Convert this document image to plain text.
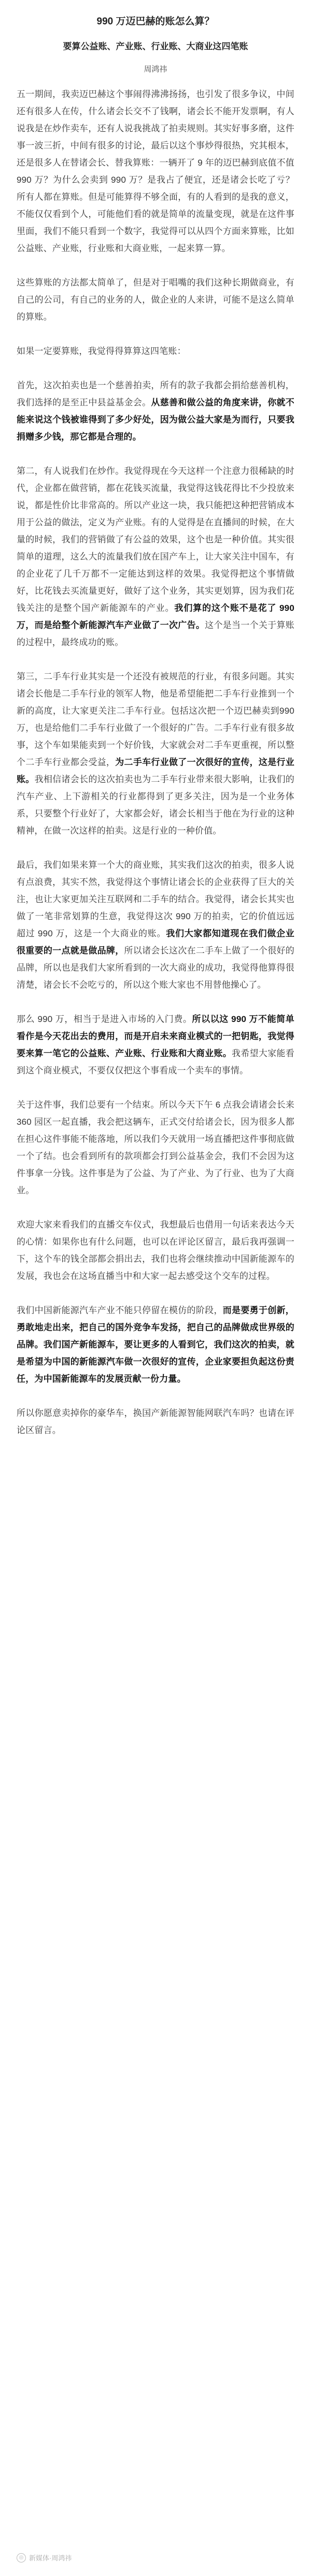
990 万迈巴赫的账怎么算？
要算公益账、产业账、行业账、大商业这四笔账
周鸿祎

五一期间，我卖迈巴赫这个事闹得沸沸扬扬，也引发了很多争议，中间还有很多人在传，什么诸会长交不了钱啊，诸会长不能开发票啊，有人说我是在炒作卖车，还有人说我挑战了拍卖规则。其实好事多磨，这件事一波三折，中间有很多的讨论，最后以这个事炒得很热，究其根本，还是很多人在替诸会长、替我算账：一辆开了 9 年的迈巴赫到底值不值 990 万？为什么会卖到 990 万？是我占了便宜，还是诸会长吃了亏？所有人都在算账。但是可能算得不够全面，有的人看到的是我的意义，不能仅仅看到个人，可能他们看的就是简单的流量变现，就是在这件事里面，我们不能只看到一个数字，我觉得可以从四个方面来算账，比如公益账、产业账，行业账和大商业账，一起来算一算。

这些算账的方法都太简单了，但是对于唱嘴的我们这种长期做商业，有自己的公司，有自己的业务的人，做企业的人来讲，可能不是这么简单的算账。

如果一定要算账，我觉得得算算这四笔账：

首先，这次拍卖也是一个慈善拍卖，所有的款子我都会捐给慈善机构，我们选择的是至正中县益基金会。从慈善和做公益的角度来讲，你就不能来说这个钱被谁得到了多少好处，因为做公益大家是为而行，只要我捐赠多少钱，那它都是合理的。

第二，有人说我们在炒作。我觉得现在今天这样一个注意力很稀缺的时代，企业都在做营销，都在花钱买流量，我觉得这钱花得比不少投放来说，都是性价比非常高的。所以产业这一块，我只能把这种把营销成本用于公益的做法，定义为产业账。有的人觉得是在直播间的时候，在大量的时候，我们的营销做了有公益的效果，这个也是一种价值。其实很简单的道理，这么大的流量我们放在国产车上，让大家关注中国车，有的企业花了几千万都不一定能达到这样的效果。我觉得把这个事情做好，比花钱去买流量更好，做好了这个业务，其实更划算，因为我们花钱关注的是整个国产新能源车的产业。我们算的这个账不是花了 990 万，而是给整个新能源汽车产业做了一次广告。这个是当一个关于算账的过程中，最终成功的账。

第三，二手车行业其实是一个还没有被规范的行业，有很多问题。其实诸会长他是二手车行业的领军人物，他是希望能把二手车行业推到一个新的高度，让大家更关注二手车行业。包括这次把一个迈巴赫卖到990 万，也是给他们二手车行业做了一个很好的广告。二手车行业有很多故事，这个车如果能卖到一个好价钱，大家就会对二手车更重视，所以整个二手车行业都会受益，为二手车行业做了一次很好的宣传，这是行业账。我相信诸会长的这次拍卖也为二手车行业带来很大影响，让我们的汽车产业、上下游相关的行业都得到了更多关注，因为是一个业务体系，只要整个行业好了，大家都会好，诸会长相当于他在为行业的这种精神，在做一次这样的拍卖。这是行业的一种价值。

最后，我们如果来算一个大的商业账，其实我们这次的拍卖，很多人说有点浪费，其实不然，我觉得这个事情让诸会长的企业获得了巨大的关注，也让大家更加关注互联网和二手车的结合。我觉得，诸会长其实也做了一笔非常划算的生意，我觉得这次 990 万的拍卖，它的价值远远超过 990 万，这是一个大商业的账。我们大家都知道现在我们做企业很重要的一点就是做品牌，所以诸会长这次在二手车上做了一个很好的品牌，所以也是我们大家所看到的一次大商业的成功，我觉得他算得很清楚，诸会长不会吃亏的，所以这个账大家也不用替他操心了。

那么 990 万，相当于是进入市场的入门费。所以以这 990 万不能简单看作是今天花出去的费用，而是开启未来商业模式的一把钥匙，我觉得要来算一笔它的公益账、产业账、行业账和大商业账。我希望大家能看到这个商业模式，不要仅仅把这个事看成一个卖车的事情。

关于这件事，我们总要有一个结束。所以今天下午 6 点我会请诸会长来 360 园区一起直播，我会把这辆车，正式交付给诸会长，因为很多人都在担心这件事能不能落地，所以我们今天就用一场直播把这件事彻底做一个了结。也会看到所有的款项都会打到公益基金会，我们不会因为这件事拿一分钱。这件事是为了公益、为了产业、为了行业、也为了大商业。

欢迎大家来看我们的直播交车仪式，我想最后也借用一句话来表达今天的心情：如果你也有什么问题，也可以在评论区留言，最后我再强调一下，这个车的钱全部都会捐出去，我们也将会继续推动中国新能源车的发展，我也会在这场直播当中和大家一起去感受这个交车的过程。

我们中国新能源汽车产业不能只停留在模仿的阶段，而是要勇于创新，勇敢地走出来，把自己的国外竞争车发扬，把自己的品牌做成世界级的品牌。我们国产新能源车，要让更多的人看到它，我们这次的拍卖，就是希望为中国的新能源汽车做一次很好的宣传，企业家要担负起这份责任，为中国新能源车的发展贡献一份力量。

所以你愿意卖掉你的豪华车，换国产新能源智能网联汽车吗？也请在评论区留言。

◎ 新媒体·周鸿祎
